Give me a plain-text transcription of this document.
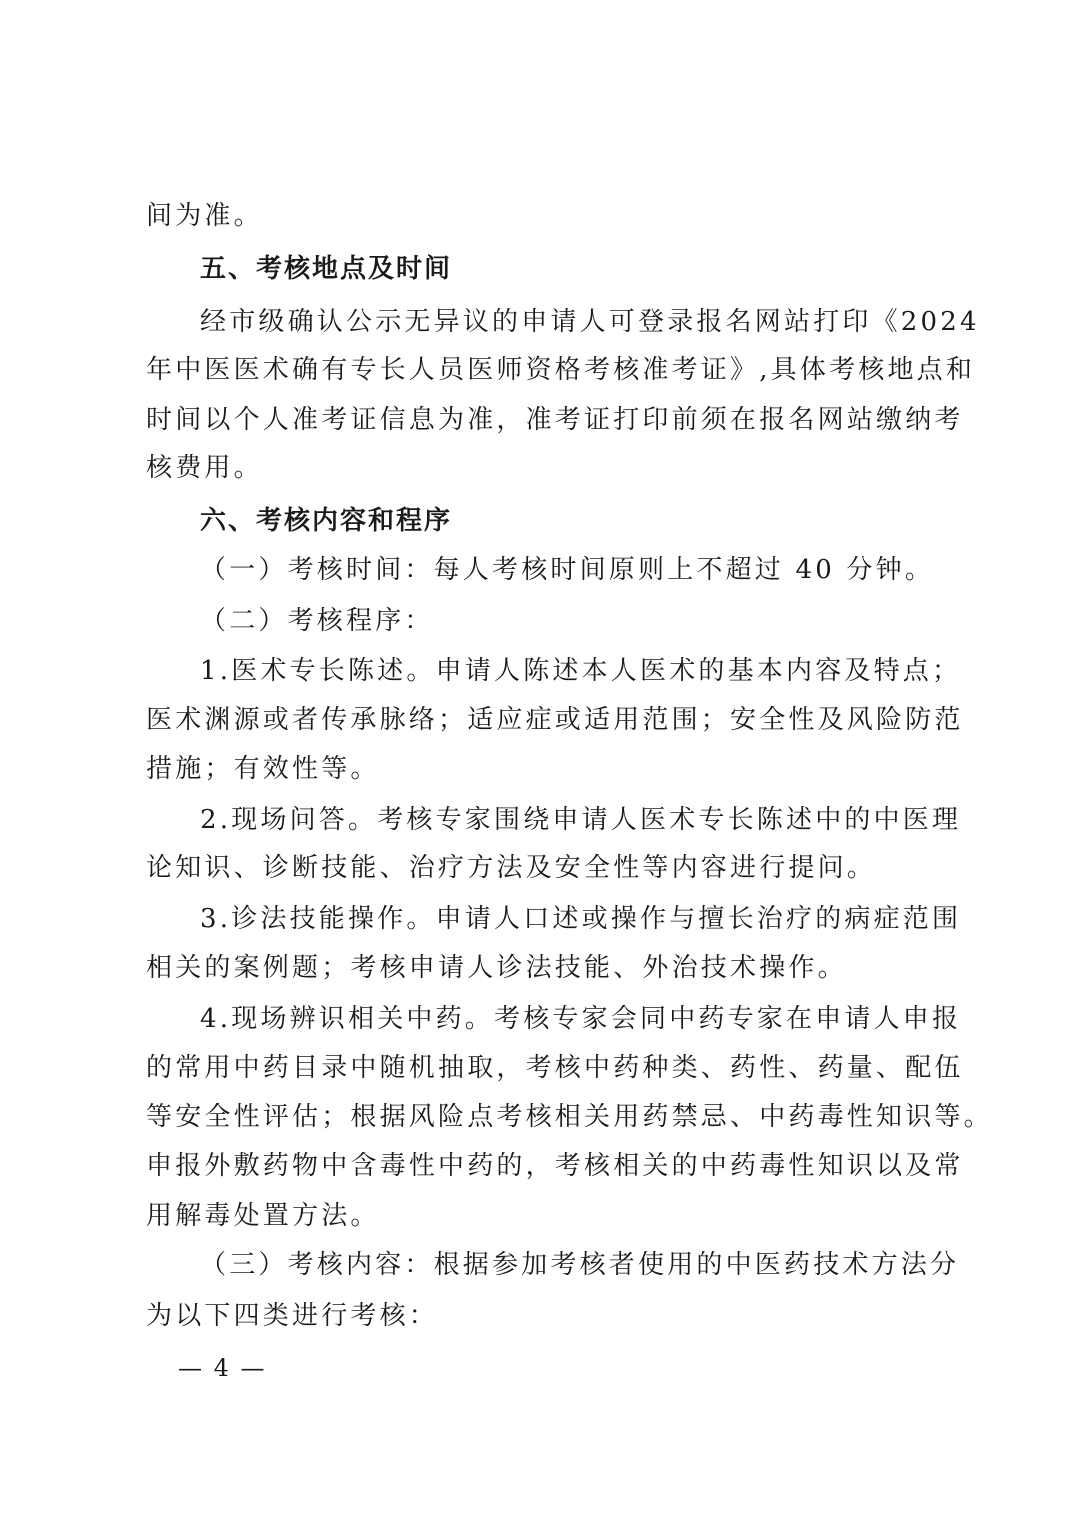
间为准。
五、考核地点及时间
经市级确认公示无异议的申请人可登录报名网站打印《2024
年中医医术确有专长人员医师资格考核准考证》,具体考核地点和
时间以个人准考证信息为准，准考证打印前须在报名网站缴纳考
核费用。
六、考核内容和程序
（一）考核时间：每人考核时间原则上不超过 40 分钟。
（二）考核程序：
1.医术专长陈述。申请人陈述本人医术的基本内容及特点；
医术渊源或者传承脉络；适应症或适用范围；安全性及风险防范
措施；有效性等。
2.现场问答。考核专家围绕申请人医术专长陈述中的中医理
论知识、诊断技能、治疗方法及安全性等内容进行提问。
3.诊法技能操作。申请人口述或操作与擅长治疗的病症范围
相关的案例题；考核申请人诊法技能、外治技术操作。
4.现场辨识相关中药。考核专家会同中药专家在申请人申报
的常用中药目录中随机抽取，考核中药种类、药性、药量、配伍
等安全性评估；根据风险点考核相关用药禁忌、中药毒性知识等。
申报外敷药物中含毒性中药的，考核相关的中药毒性知识以及常
用解毒处置方法。
（三）考核内容：根据参加考核者使用的中医药技术方法分
为以下四类进行考核：
— 4 —
